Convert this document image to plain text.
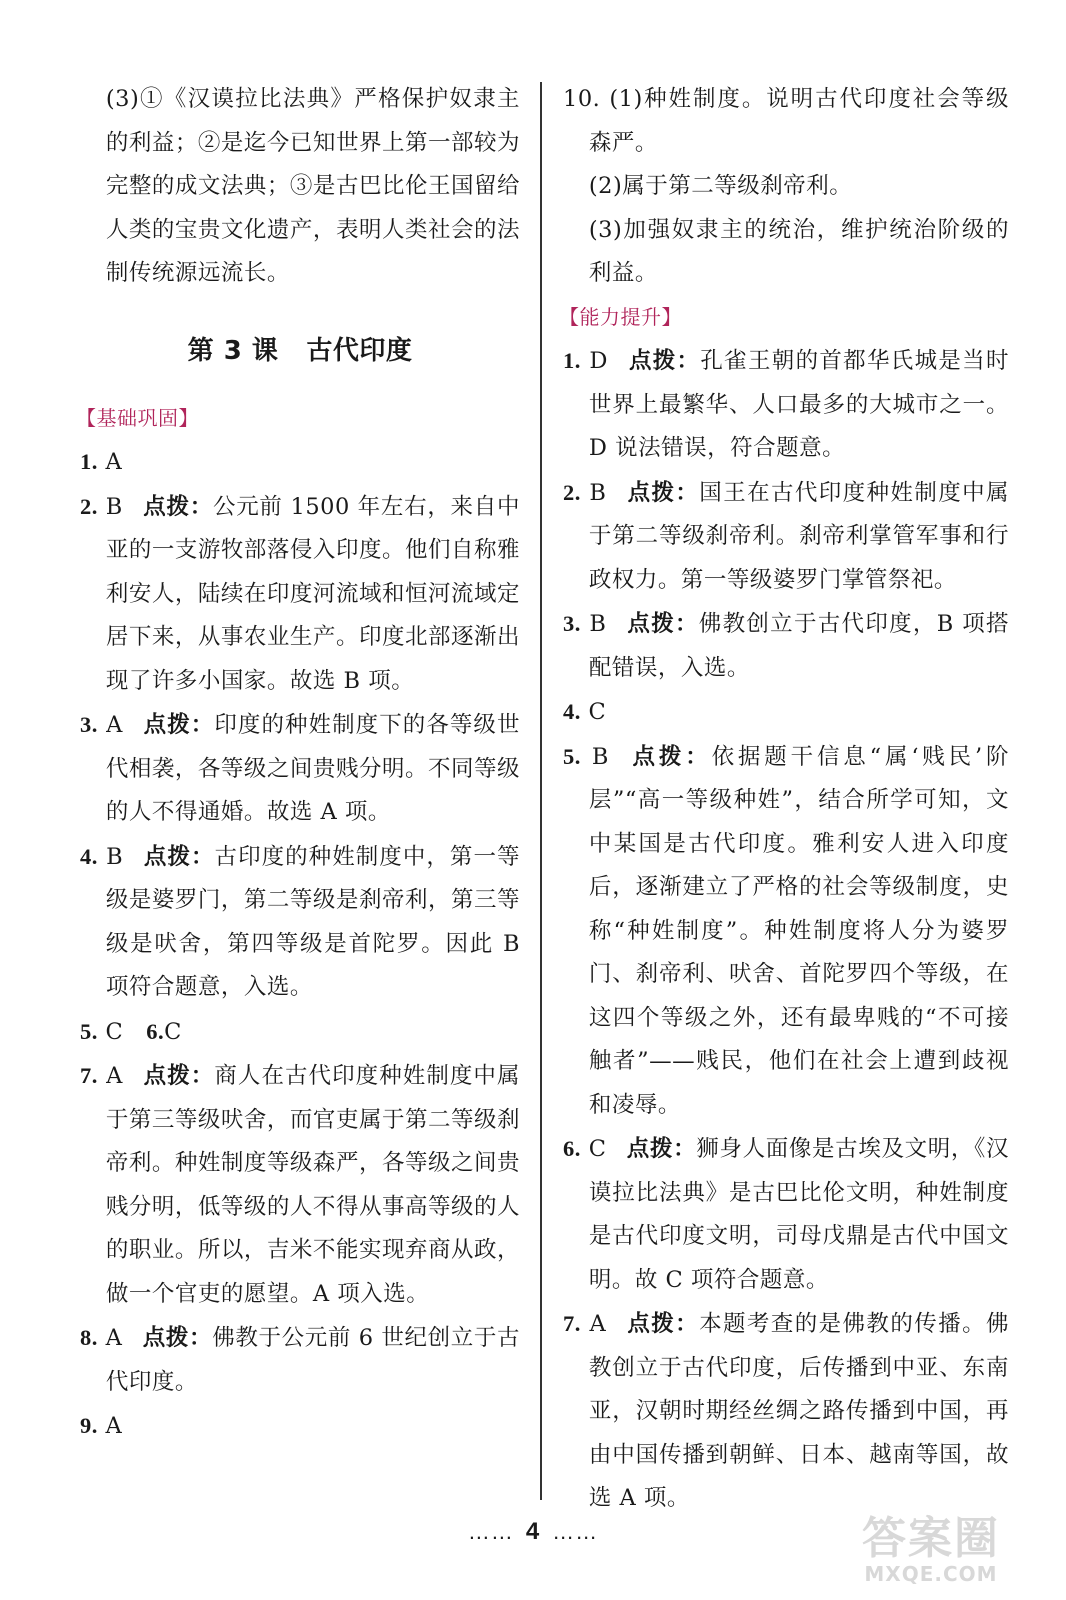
(3)①《汉谟拉比法典》严格保护奴隶主的利益；②是迄今已知世界上第一部较为完整的成文法典；③是古巴比伦王国留给人类的宝贵文化遗产，表明人类社会的法制传统源远流长。

第 3 课 古代印度
【基础巩固】

1. A

2. B 点拨：公元前 1500 年左右，来自中亚的一支游牧部落侵入印度。他们自称雅利安人，陆续在印度河流域和恒河流域定居下来，从事农业生产。印度北部逐渐出现了许多小国家。故选 B 项。

3. A 点拨：印度的种姓制度下的各等级世代相袭，各等级之间贵贱分明。不同等级的人不得通婚。故选 A 项。

4. B 点拨：古印度的种姓制度中，第一等级是婆罗门，第二等级是刹帝利，第三等级是吠舍，第四等级是首陀罗。因此 B 项符合题意，入选。

5. C 6.C

7. A 点拨：商人在古代印度种姓制度中属于第三等级吠舍，而官吏属于第二等级刹帝利。种姓制度等级森严，各等级之间贵贱分明，低等级的人不得从事高等级的人的职业。所以，吉米不能实现弃商从政，做一个官吏的愿望。A 项入选。

8. A 点拨：佛教于公元前 6 世纪创立于古代印度。

9. A

10. (1)种姓制度。说明古代印度社会等级森严。

(2)属于第二等级刹帝利。

(3)加强奴隶主的统治，维护统治阶级的利益。

【能力提升】

1. D 点拨：孔雀王朝的首都华氏城是当时世界上最繁华、人口最多的大城市之一。D 说法错误，符合题意。

2. B 点拨：国王在古代印度种姓制度中属于第二等级刹帝利。刹帝利掌管军事和行政权力。第一等级婆罗门掌管祭祀。

3. B 点拨：佛教创立于古代印度，B 项搭配错误，入选。

4. C

5. B 点拨：依据题干信息“属‘贱民’阶层”“高一等级种姓”，结合所学可知，文中某国是古代印度。雅利安人进入印度后，逐渐建立了严格的社会等级制度，史称“种姓制度”。种姓制度将人分为婆罗门、刹帝利、吠舍、首陀罗四个等级，在这四个等级之外，还有最卑贱的“不可接触者”——贱民，他们在社会上遭到歧视和凌辱。

6. C 点拨：狮身人面像是古埃及文明，《汉谟拉比法典》是古巴比伦文明，种姓制度是古代印度文明，司母戊鼎是古代中国文明。故 C 项符合题意。

7. A 点拨：本题考查的是佛教的传播。佛教创立于古代印度，后传播到中亚、东南亚，汉朝时期经丝绸之路传播到中国，再由中国传播到朝鲜、日本、越南等国，故选 A 项。

…… 4 ……	答案圈
MXQE.COM
